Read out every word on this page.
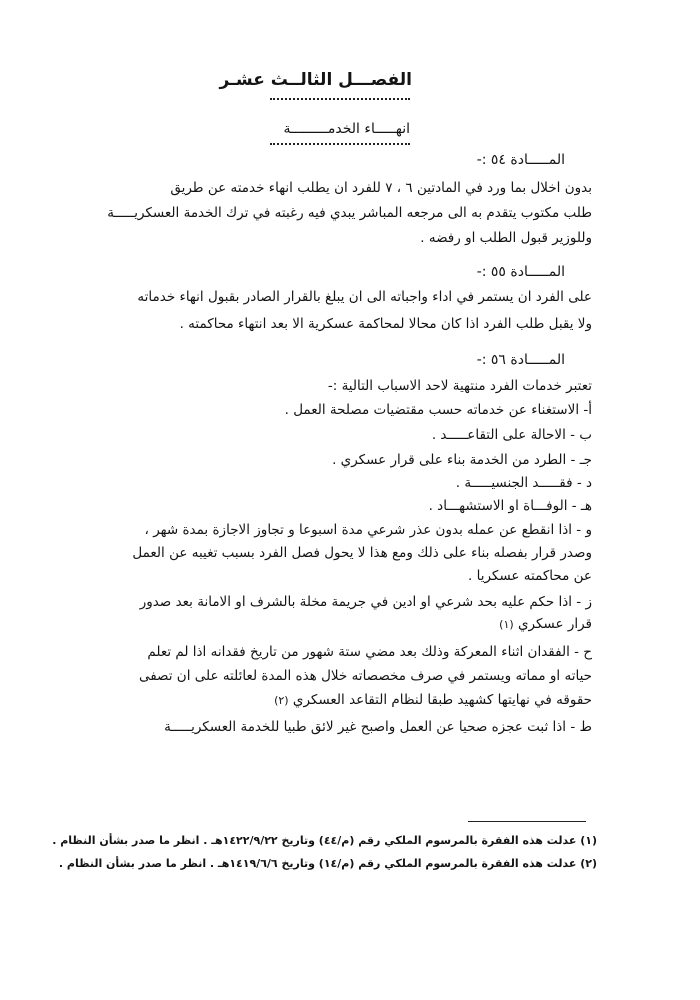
الفصـــل الثالــث عشـر
انهـــــاء الخدمـــــــــة
المـــــادة ٥٤ :-
بدون اخلال بما ورد في المادتين ٦ ، ٧ للفرد ان يطلب انهاء خدمته عن طريق
طلب مكتوب يتقدم به الى مرجعه المباشر يبدي فيه رغبته في ترك الخدمة العسكريـــــة
وللوزير قبول الطلب او رفضه .
المـــــادة ٥٥ :-
على الفرد ان يستمر في اداء واجباته الى ان يبلغ بالقرار الصادر بقبول انهاء خدماته
ولا يقبل طلب الفرد اذا كان محالا لمحاكمة عسكرية الا بعد انتهاء محاكمته .
المـــــادة ٥٦ :-
تعتبر خدمات الفرد منتهية لاحد الاسباب التالية :-
أ- الاستغناء عن خدماته حسب مقتضيات مصلحة العمل .
ب - الاحالة على التقاعـــــد .
جـ - الطرد من الخدمة بناء على قرار عسكري .
د - فقـــــد الجنسيـــــة .
هـ - الوفـــاة او الاستشهـــاد .
و - اذا انقطع عن عمله بدون عذر شرعي مدة اسبوعا و تجاوز الاجازة بمدة شهر ،
وصدر قرار بفصله بناء على ذلك ومع هذا لا يحول فصل الفرد بسبب تغيبه عن العمل
عن محاكمته عسكريا .
ز - اذا حكم عليه بحد شرعي او ادين في جريمة مخلة بالشرف او الامانة بعد صدور
قرار عسكري (١)
ح - الفقدان اثناء المعركة وذلك بعد مضي ستة شهور من تاريخ فقدانه اذا لم تعلم
حياته او مماته ويستمر في صرف مخصصاته خلال هذه المدة لعائلته على ان تصفى
حقوقه في نهايتها كشهيد طبقا لنظام التقاعد العسكري (٢)
ط - اذا ثبت عجزه صحيا عن العمل واصبح غير لائق طبيا للخدمة العسكريـــــة
(١) عدلت هذه الفقرة بالمرسوم الملكي رقم (م/٤٤) وتاريخ ١٤٢٢/٩/٢٢هـ . انظر ما صدر بشأن النظام .
(٢) عدلت هذه الفقرة بالمرسوم الملكي رقم (م/١٤) وتاريخ ١٤١٩/٦/٦هـ . انظر ما صدر بشأن النظام .
